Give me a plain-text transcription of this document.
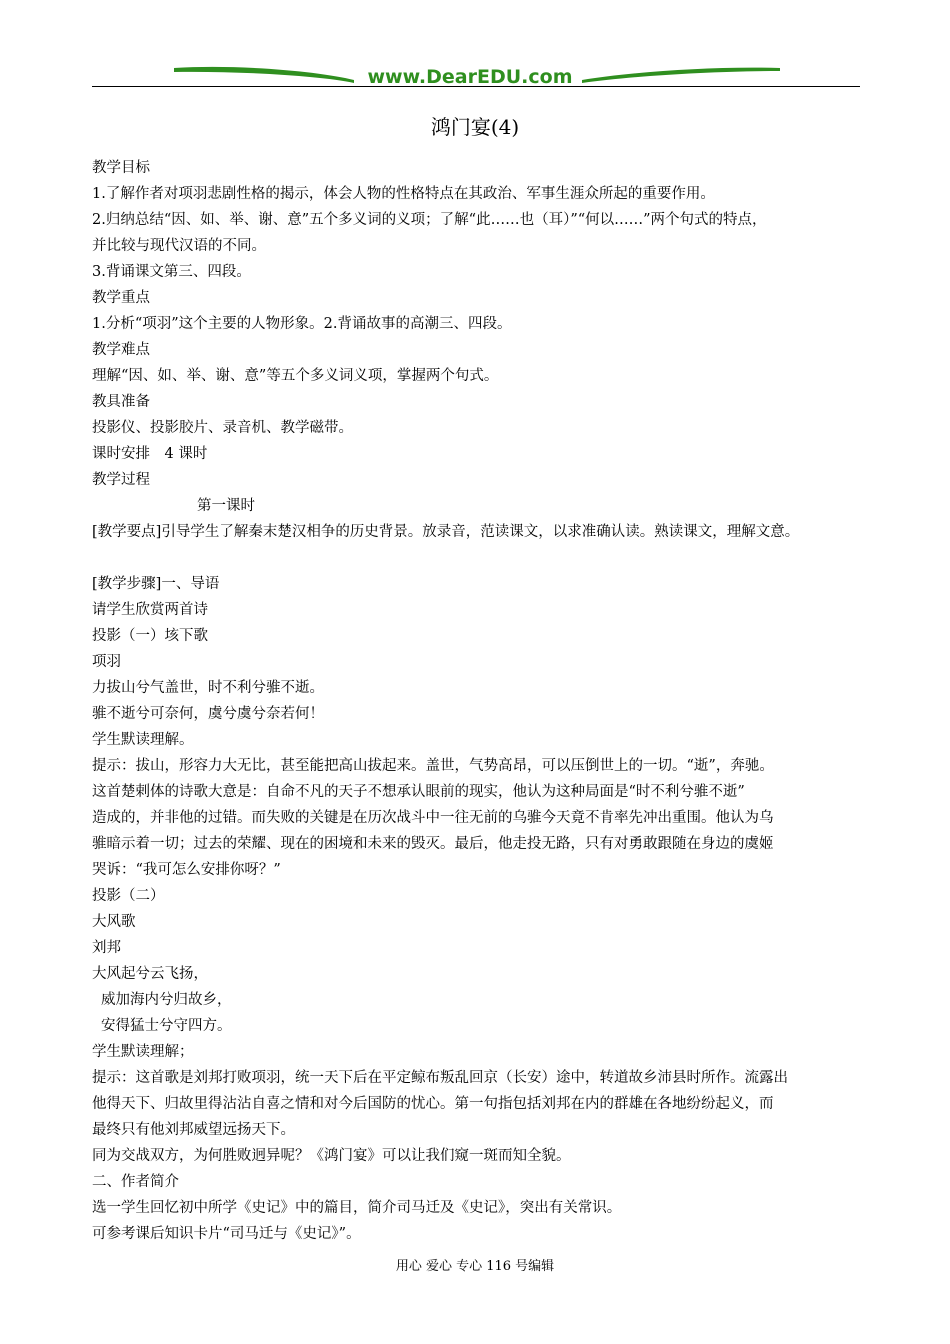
www.DearEDU.com
鸿门宴(4)
教学目标
1.了解作者对项羽悲剧性格的揭示，体会人物的性格特点在其政治、军事生涯众所起的重要作用。
2.归纳总结“因、如、举、谢、意”五个多义词的义项；了解“此……也（耳）”“何以……”两个句式的特点，
并比较与现代汉语的不同。
3.背诵课文第三、四段。
教学重点
1.分析“项羽”这个主要的人物形象。2.背诵故事的高潮三、四段。
教学难点
理解“因、如、举、谢、意”等五个多义词义项，掌握两个句式。
教具准备
投影仪、投影胶片、录音机、教学磁带。
课时安排　4 课时
教学过程
第一课时
[教学要点]引导学生了解秦末楚汉相争的历史背景。放录音，范读课文，以求准确认读。熟读课文，理解文意。
[教学步骤]一、导语
请学生欣赏两首诗
投影（一）垓下歌
项羽
力拔山兮气盖世，时不利兮骓不逝。
骓不逝兮可奈何，虞兮虞兮奈若何！
学生默读理解。
提示：拔山，形容力大无比，甚至能把高山拔起来。盖世，气势高昂，可以压倒世上的一切。“逝”，奔驰。
这首楚剌体的诗歌大意是：自命不凡的天子不想承认眼前的现实，他认为这种局面是“时不利兮骓不逝”
造成的，并非他的过错。而失败的关键是在历次战斗中一往无前的乌骓今天竟不肯率先冲出重围。他认为乌
骓暗示着一切；过去的荣耀、现在的困境和未来的毁灭。最后，他走投无路，只有对勇敢跟随在身边的虞姬
哭诉：“我可怎么安排你呀？”
投影（二）
大风歌
刘邦
大风起兮云飞扬，
威加海内兮归故乡，
安得猛士兮守四方。
学生默读理解；
提示：这首歌是刘邦打败项羽，统一天下后在平定鲸布叛乱回京（长安）途中，转道故乡沛县时所作。流露出
他得天下、归故里得沾沾自喜之情和对今后国防的忧心。第一句指包括刘邦在内的群雄在各地纷纷起义，而
最终只有他刘邦威望远扬天下。
同为交战双方，为何胜败迥异呢？《鸿门宴》可以让我们窥一斑而知全貌。
二、作者简介
选一学生回忆初中所学《史记》中的篇目，简介司马迁及《史记》，突出有关常识。
可参考课后知识卡片“司马迁与《史记》”。
用心 爱心 专心 116 号编辑
